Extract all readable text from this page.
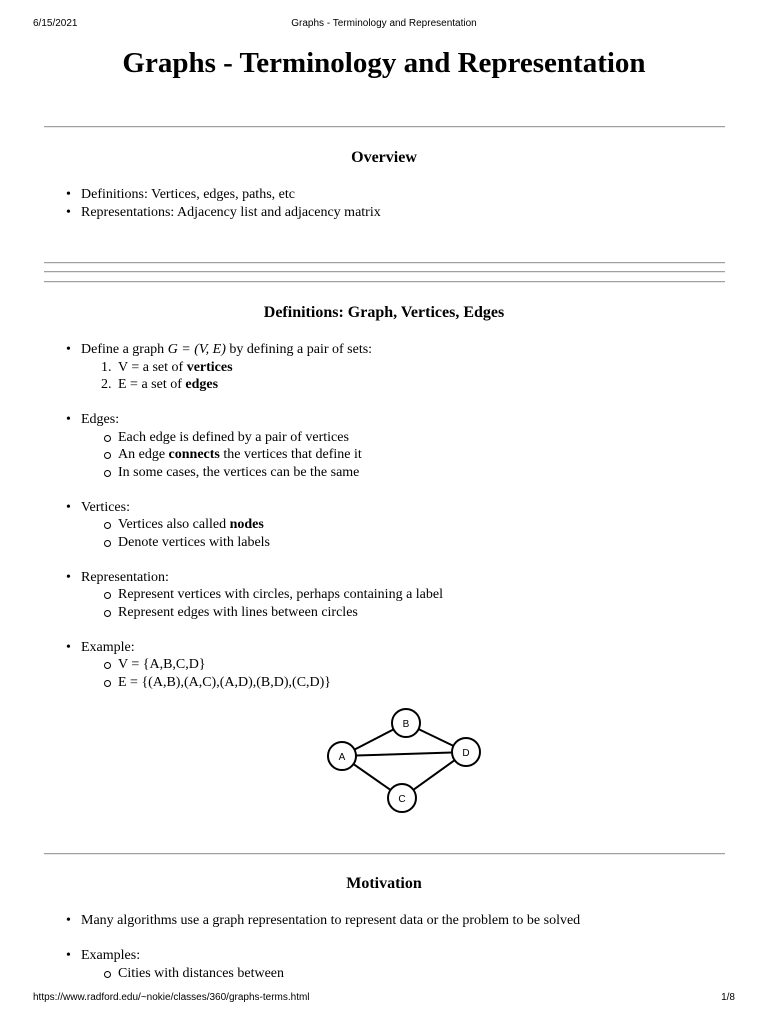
Graphs - Terminology and Representation
6/15/2021
Graphs - Terminology and Representation
Overview
• Definitions: Vertices, edges, paths, etc
• Representations: Adjacency list and adjacency matrix
Definitions: Graph, Vertices, Edges
• Define a graph G = (V, E) by defining a pair of sets:
1. V = a set of vertices
2. E = a set of edges
• Edges:
Each edge is defined by a pair of vertices
An edge connects the vertices that define it
In some cases, the vertices can be the same
• Vertices:
Vertices also called nodes
Denote vertices with labels
• Representation:
Represent vertices with circles, perhaps containing a label
Represent edges with lines between circles
• Example:
V = {A,B,C,D}
E = {(A,B),(A,C),(A,D),(B,D),(C,D)}
A
B
C
D
Motivation
• Many algorithms use a graph representation to represent data or the problem to be solved
• Examples:
Cities with distances between
https://www.radford.edu/~nokie/classes/360/graphs-terms.html	1/8
